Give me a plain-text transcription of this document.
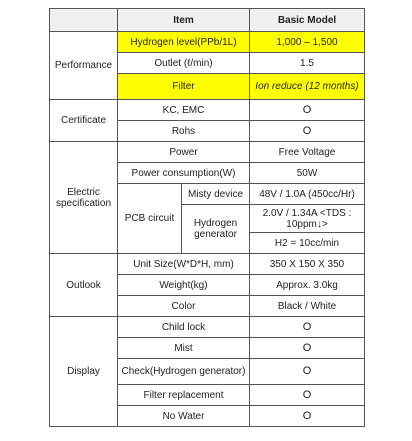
	Item		Basic Model
Performance	Hydrogen level(PPb/1L)		1,000 – 1,500
	Outlet (ℓ/min)		1.5
	Filter		Ion reduce (12 months)
Certificate	KC, EMC		O
	Rohs		O
Electric specification	Power		Free Voltage
	Power consumption(W)		50W
	PCB circuit	Misty device	48V / 1.0A (450cc/Hr)
		Hydrogen generator	2.0V / 1.34A <TDS : 10ppm↓>
			H2 = 10cc/min
Outlook	Unit Size(W*D*H, mm)		350 X 150 X 350
	Weight(kg)		Approx. 3.0kg
	Color		Black / White
Display	Child lock		O
	Mist		O
	Check(Hydrogen generator)		O
	Filter replacement		O
	No Water		O
